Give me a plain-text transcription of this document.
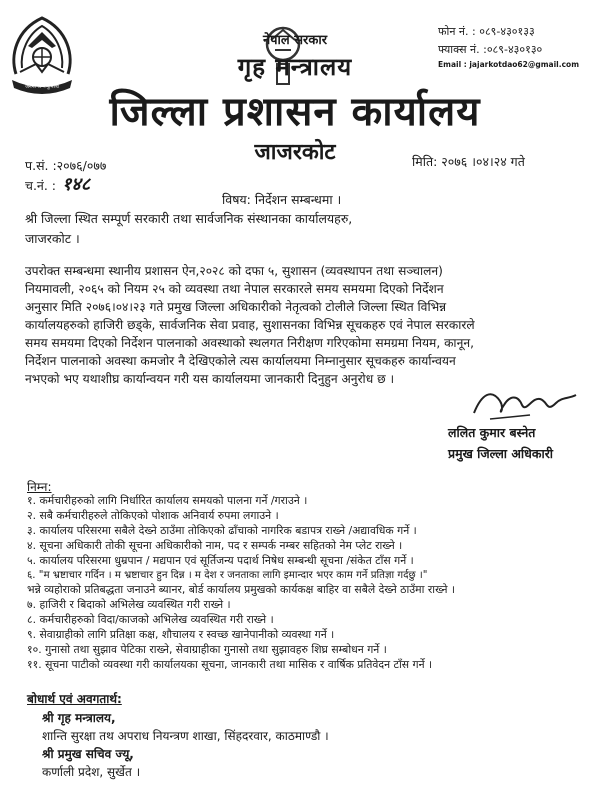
जननी जन्मभूमिश्च
नेपाल सरकार
गृह मन्त्रालय
जिल्ला प्रशासन कार्यालय
जाजरकोट
फोन नं. : ०८९-४३०१३३
फ्याक्स नं. :०८९-४३०१३०
Email : jajarkotdao62@gmail.com
प.सं. :२०७६/०७७
च.नं. : १४८
मिति: २०७६ ।०४।२४ गते
विषय: निर्देशन सम्बन्धमा ।
श्री जिल्ला स्थित सम्पूर्ण सरकारी तथा सार्वजनिक संस्थानका कार्यालयहरु,
जाजरकोट ।
उपरोक्त सम्बन्धमा स्थानीय प्रशासन ऐन,२०२८ को दफा ५, सुशासन (व्यवस्थापन तथा सञ्चालन)
नियमावली, २०६५ को नियम २५ को व्यवस्था तथा नेपाल सरकारले समय समयमा दिएको निर्देशन
अनुसार मिति २०७६।०४।२३ गते प्रमुख जिल्ला अधिकारीको नेतृत्वको टोलीले जिल्ला स्थित विभिन्न
कार्यालयहरुको हाजिरी छड्के, सार्वजनिक सेवा प्रवाह, सुशासनका विभिन्न सूचकहरु एवं नेपाल सरकारले
समय समयमा दिएको निर्देशन पालनाको अवस्थाको स्थलगत निरीक्षण गरिएकोमा समग्रमा नियम, कानून,
निर्देशन पालनाको अवस्था कमजोर नै देखिएकोले त्यस कार्यालयमा निम्नानुसार सूचकहरु कार्यान्वयन
नभएको भए यथाशीघ्र कार्यान्वयन गरी यस कार्यालयमा जानकारी दिनुहुन अनुरोध छ ।
ललित कुमार बस्नेत
प्रमुख जिल्ला अधिकारी
निम्न:
१. कर्मचारीहरुको लागि निर्धारित कार्यालय समयको पालना गर्ने /गराउने ।
२. सबै कर्मचारीहरुले तोकिएको पोशाक अनिवार्य रुपमा लगाउने ।
३. कार्यालय परिसरमा सबैले देख्ने ठाउँमा तोकिएको ढाँचाको नागरिक बडापत्र राख्ने /अद्यावधिक गर्ने ।
४. सूचना अधिकारी तोकी सूचना अधिकारीको नाम, पद र सम्पर्क नम्बर सहितको नेम प्लेट राख्ने ।
५. कार्यालय परिसरमा धुम्रपान / मद्यपान एवं सूर्तिजन्य पदार्थ निषेध सम्बन्धी सूचना /संकेत टाँस गर्ने ।
६. "म भ्रष्टाचार गर्दिन । म भ्रष्टाचार हुन दिन्न । म देश र जनताका लागि इमान्दार भएर काम गर्ने प्रतिज्ञा गर्दछु ।"
भन्ने व्यहोराको प्रतिबद्धता जनाउने ब्यानर, बोर्ड कार्यालय प्रमुखको कार्यकक्ष बाहिर वा सबैले देख्ने ठाउँमा राख्ने ।
७. हाजिरी र बिदाको अभिलेख व्यवस्थित गरी राख्ने ।
८. कर्मचारीहरुको विदा/काजको अभिलेख व्यवस्थित गरी राख्ने ।
९. सेवाग्राहीको लागि प्रतिक्षा कक्ष, शौचालय र स्वच्छ खानेपानीको व्यवस्था गर्ने ।
१०. गुनासो तथा सुझाव पेटिका राख्ने, सेवाग्राहीका गुनासो तथा सुझावहरु शिघ्र सम्बोधन गर्ने ।
११. सूचना पाटीको व्यवस्था गरी कार्यालयका सूचना, जानकारी तथा मासिक र वार्षिक प्रतिवेदन टाँस गर्ने ।
बोधार्थ एवं अवगतार्थ:
श्री गृह मन्त्रालय,
शान्ति सुरक्षा तथ अपराध नियन्त्रण शाखा, सिंहदरवार, काठमाण्डौ ।
श्री प्रमुख सचिव ज्यू,
कर्णाली प्रदेश, सुर्खेत ।
